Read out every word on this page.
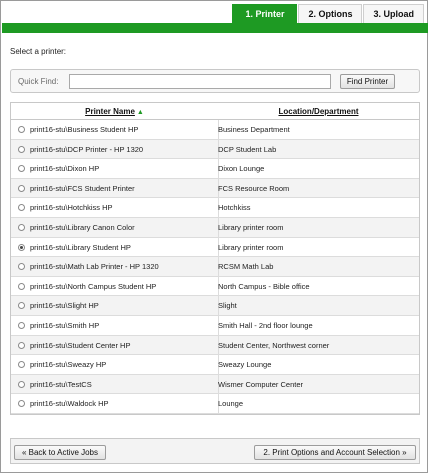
1. Printer	2. Options	3. Upload
Select a printer:
Quick Find:	Find Printer
Printer Name ▲	Location/Department
print16-stu\Business Student HP	Business Department
print16-stu\DCP Printer - HP 1320	DCP Student Lab
print16-stu\Dixon HP	Dixon Lounge
print16-stu\FCS Student Printer	FCS Resource Room
print16-stu\Hotchkiss HP	Hotchkiss
print16-stu\Library Canon Color	Library printer room
print16-stu\Library Student HP	Library printer room
print16-stu\Math Lab Printer - HP 1320	RCSM Math Lab
print16-stu\North Campus Student HP	North Campus - Bible office
print16-stu\Slight HP	Slight
print16-stu\Smith HP	Smith Hall - 2nd floor lounge
print16-stu\Student Center HP	Student Center, Northwest corner
print16-stu\Sweazy HP	Sweazy Lounge
print16-stu\TestCS	Wismer Computer Center
print16-stu\Waldock HP	Lounge
« Back to Active Jobs	2. Print Options and Account Selection »
